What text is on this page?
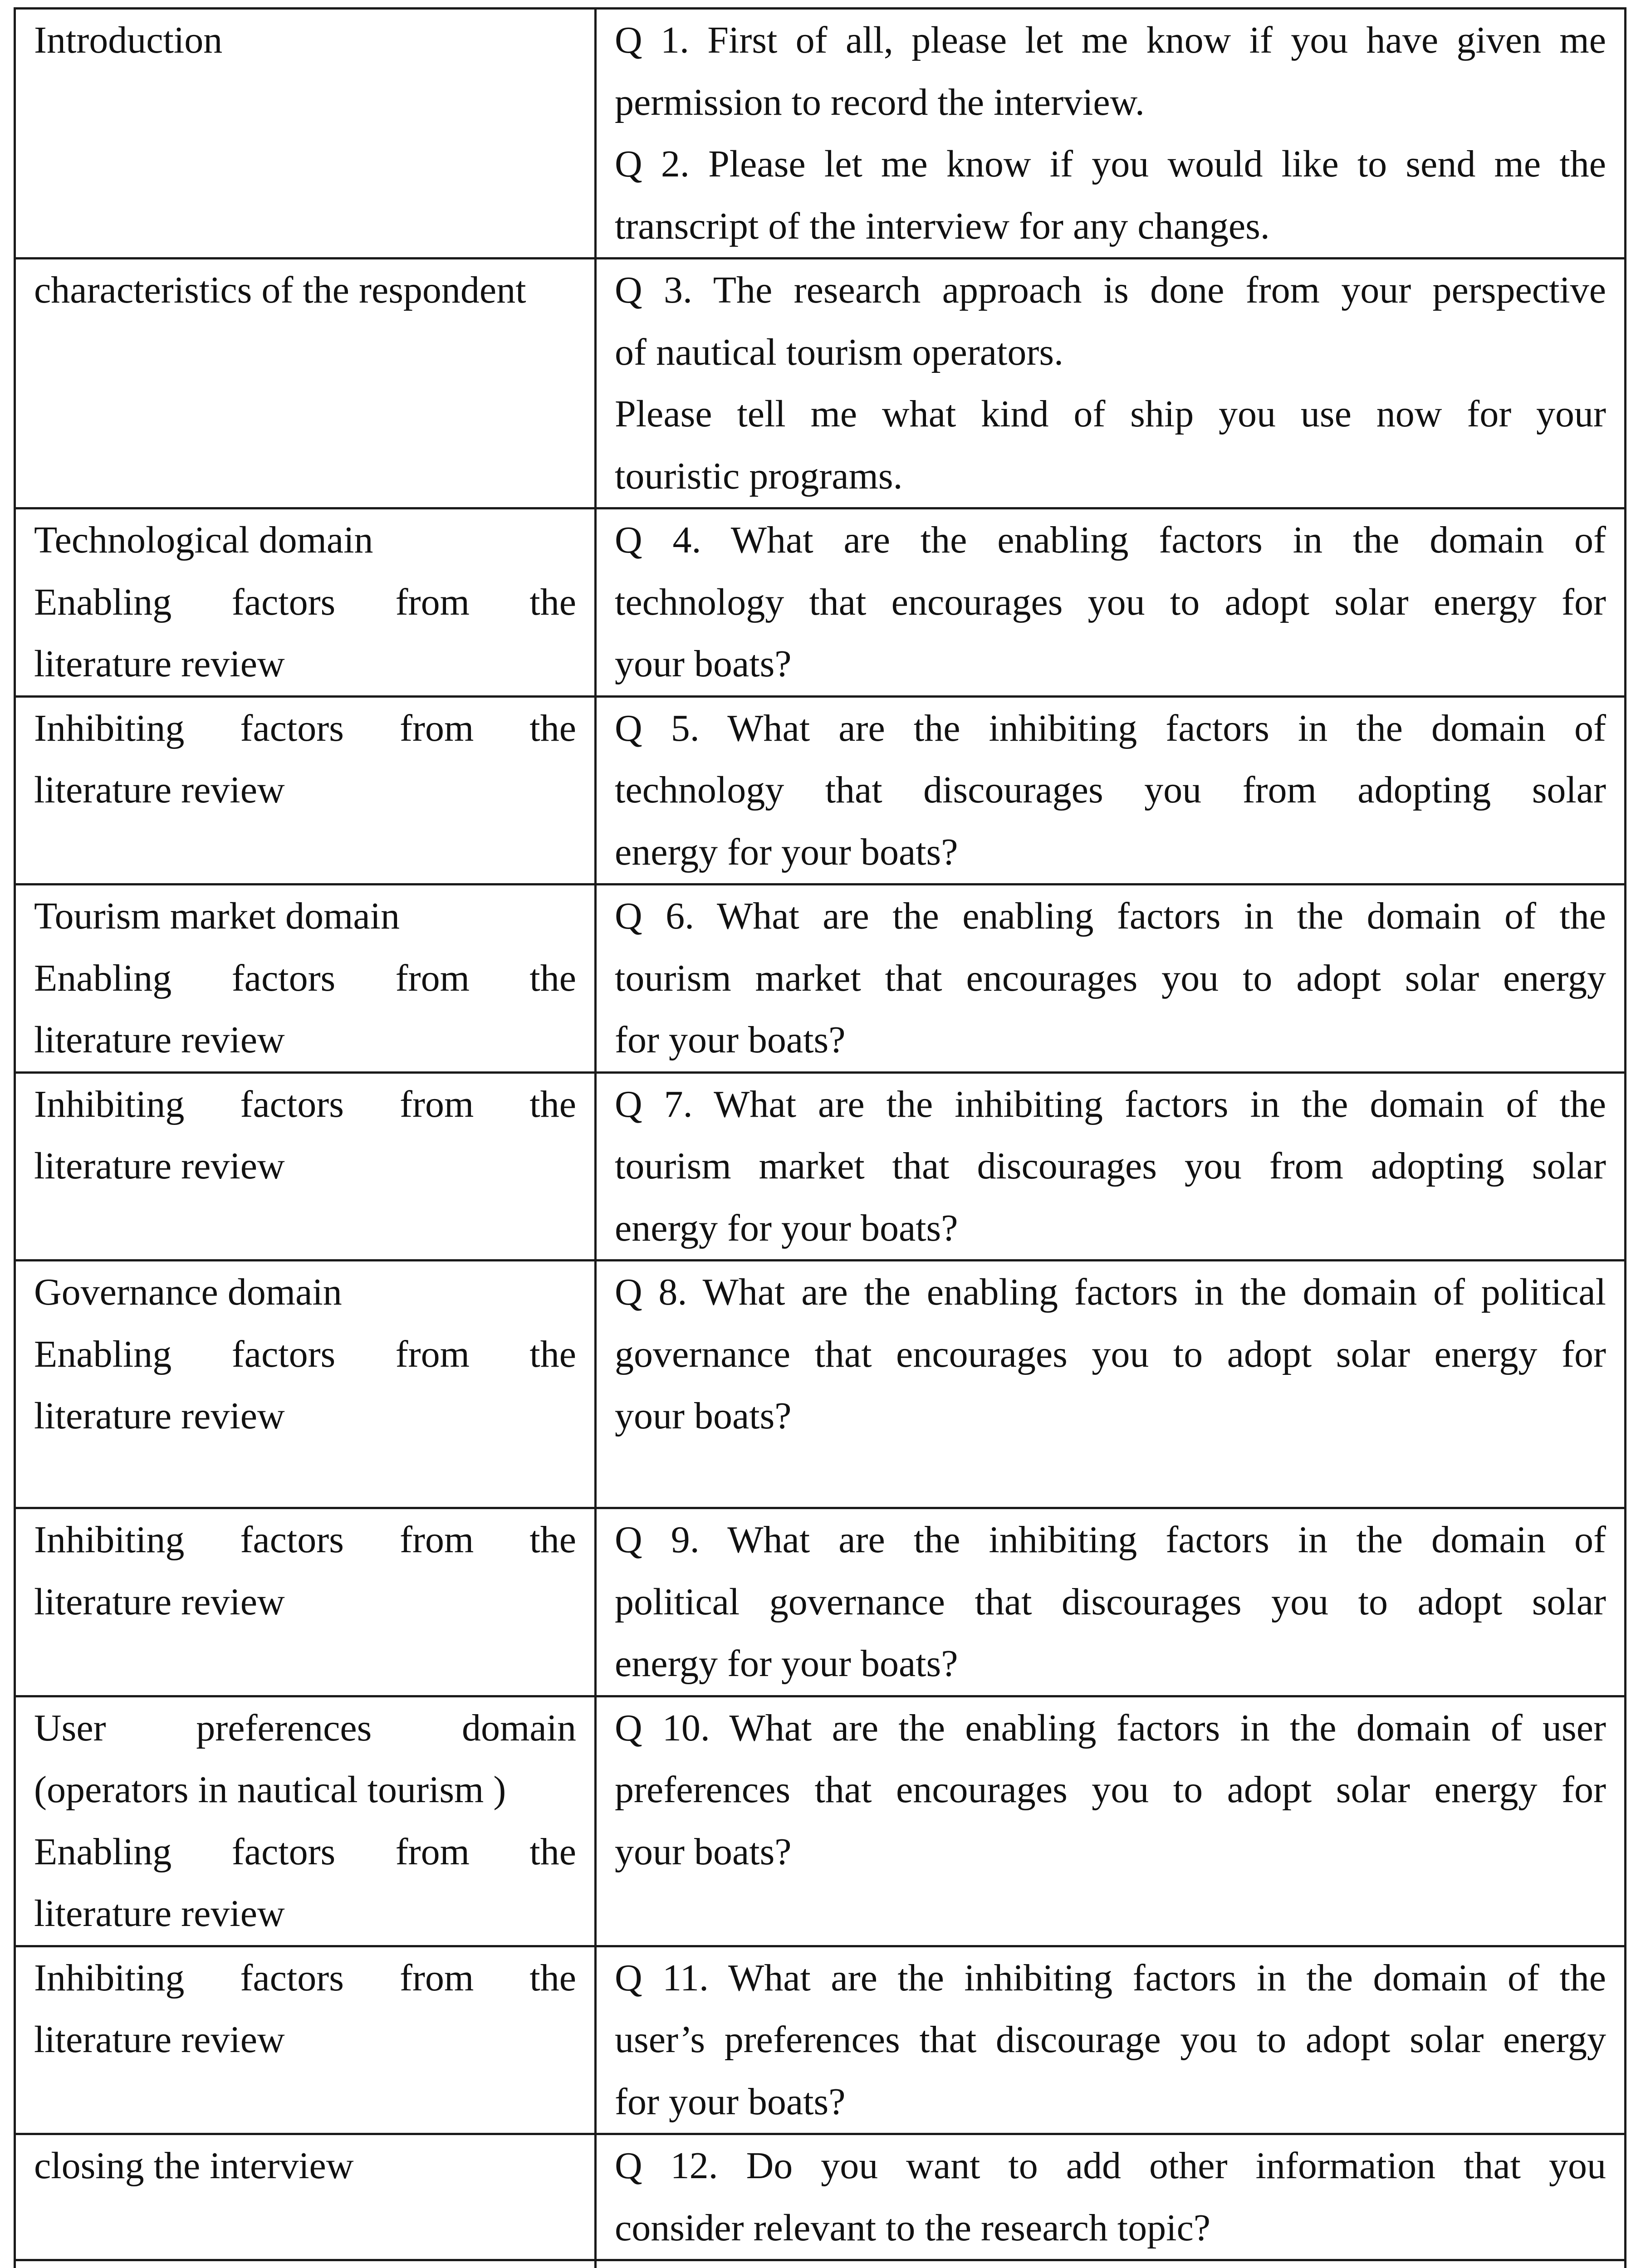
Introduction	Q 1. First of all, please let me know if you have given me
permission to record the interview.
Q 2. Please let me know if you would like to send me the
transcript of the interview for any changes.

characteristics of the respondent	Q 3. The research approach is done from your perspective
of nautical tourism operators.
Please tell me what kind of ship you use now for your
touristic programs.

Technological domain
Enabling factors from the
literature review	Q 4. What are the enabling factors in the domain of
technology that encourages you to adopt solar energy for
your boats?

Inhibiting factors from the
literature review	Q 5. What are the inhibiting factors in the domain of
technology that discourages you from adopting solar
energy for your boats?

Tourism market domain
Enabling factors from the
literature review	Q 6. What are the enabling factors in the domain of the
tourism market that encourages you to adopt solar energy
for your boats?

Inhibiting factors from the
literature review	Q 7. What are the inhibiting factors in the domain of the
tourism market that discourages you from adopting solar
energy for your boats?

Governance domain
Enabling factors from the
literature review	Q 8. What are the enabling factors in the domain of political
governance that encourages you to adopt solar energy for
your boats?

Inhibiting factors from the
literature review	Q 9. What are the inhibiting factors in the domain of
political governance that discourages you to adopt solar
energy for your boats?

User preferences domain
(operators in nautical tourism )
Enabling factors from the
literature review	Q 10. What are the enabling factors in the domain of user
preferences that encourages you to adopt solar energy for
your boats?

Inhibiting factors from the
literature review	Q 11. What are the inhibiting factors in the domain of the
user’s preferences that discourage you to adopt solar energy
for your boats?

closing the interview	Q 12. Do you want to add other information that you
consider relevant to the research topic?
